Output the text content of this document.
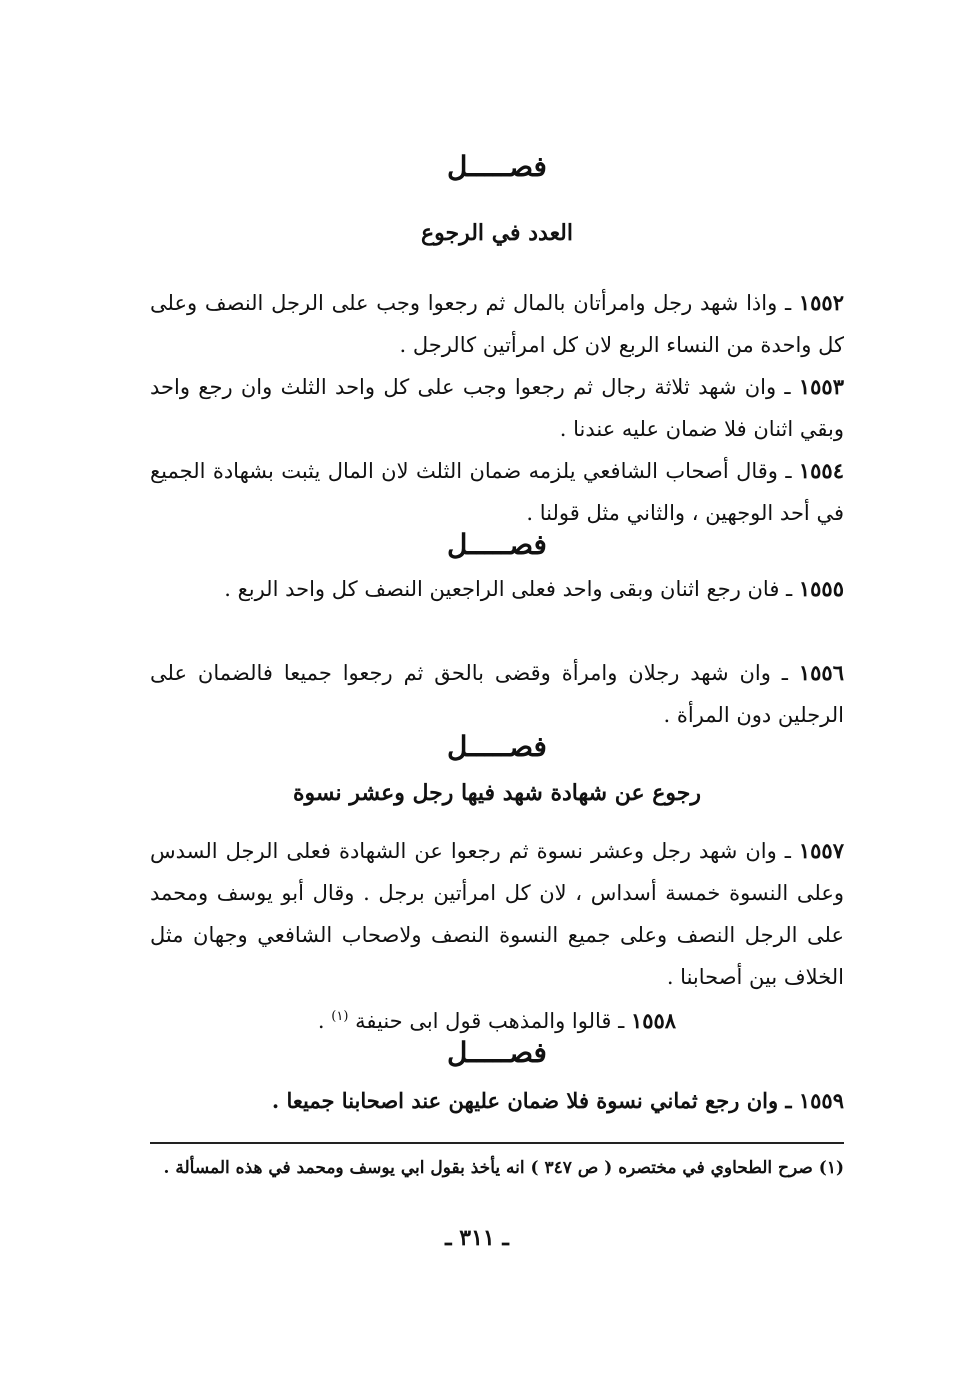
فصـــــل
العدد في الرجوع
١٥٥٢ ـ واذا شهد رجل وامرأتان بالمال ثم رجعوا وجب على الرجل النصف وعلى كل واحدة من النساء الربع لان كل امرأتين كالرجل .
١٥٥٣ ـ وان شهد ثلاثة رجال ثم رجعوا وجب على كل واحد الثلث وان رجع واحد وبقي اثنان فلا ضمان عليه عندنا .
١٥٥٤ ـ وقال أصحاب الشافعي يلزمه ضمان الثلث لان المال يثبت بشهادة الجميع في أحد الوجهين ، والثاني مثل قولنا .
فصـــــل
١٥٥٥ ـ فان رجع اثنان وبقى واحد فعلى الراجعين النصف كل واحد الربع .
١٥٥٦ ـ وان شهد رجلان وامرأة وقضى بالحق ثم رجعوا جميعا فالضمان على الرجلين دون المرأة .
فصـــــل
رجوع عن شهادة شهد فيها رجل وعشر نسوة
١٥٥٧ ـ وان شهد رجل وعشر نسوة ثم رجعوا عن الشهادة فعلى الرجل السدس وعلى النسوة خمسة أسداس ، لان كل امرأتين برجل . وقال أبو يوسف ومحمد على الرجل النصف وعلى جميع النسوة النصف ولاصحاب الشافعي وجهان مثل الخلاف بين أصحابنا .
١٥٥٨ ـ قالوا والمذهب قول ابى حنيفة $^{(١)}$ .
فصـــــل
١٥٥٩ ـ وان رجع ثماني نسوة فلا ضمان عليهن عند اصحابنا جميعا .
(١) صرح الطحاوي في مختصره ( ص ٣٤٧ ) انه يأخذ بقول ابي يوسف ومحمد في هذه المسألة .
ـ ٣١١ ـ
